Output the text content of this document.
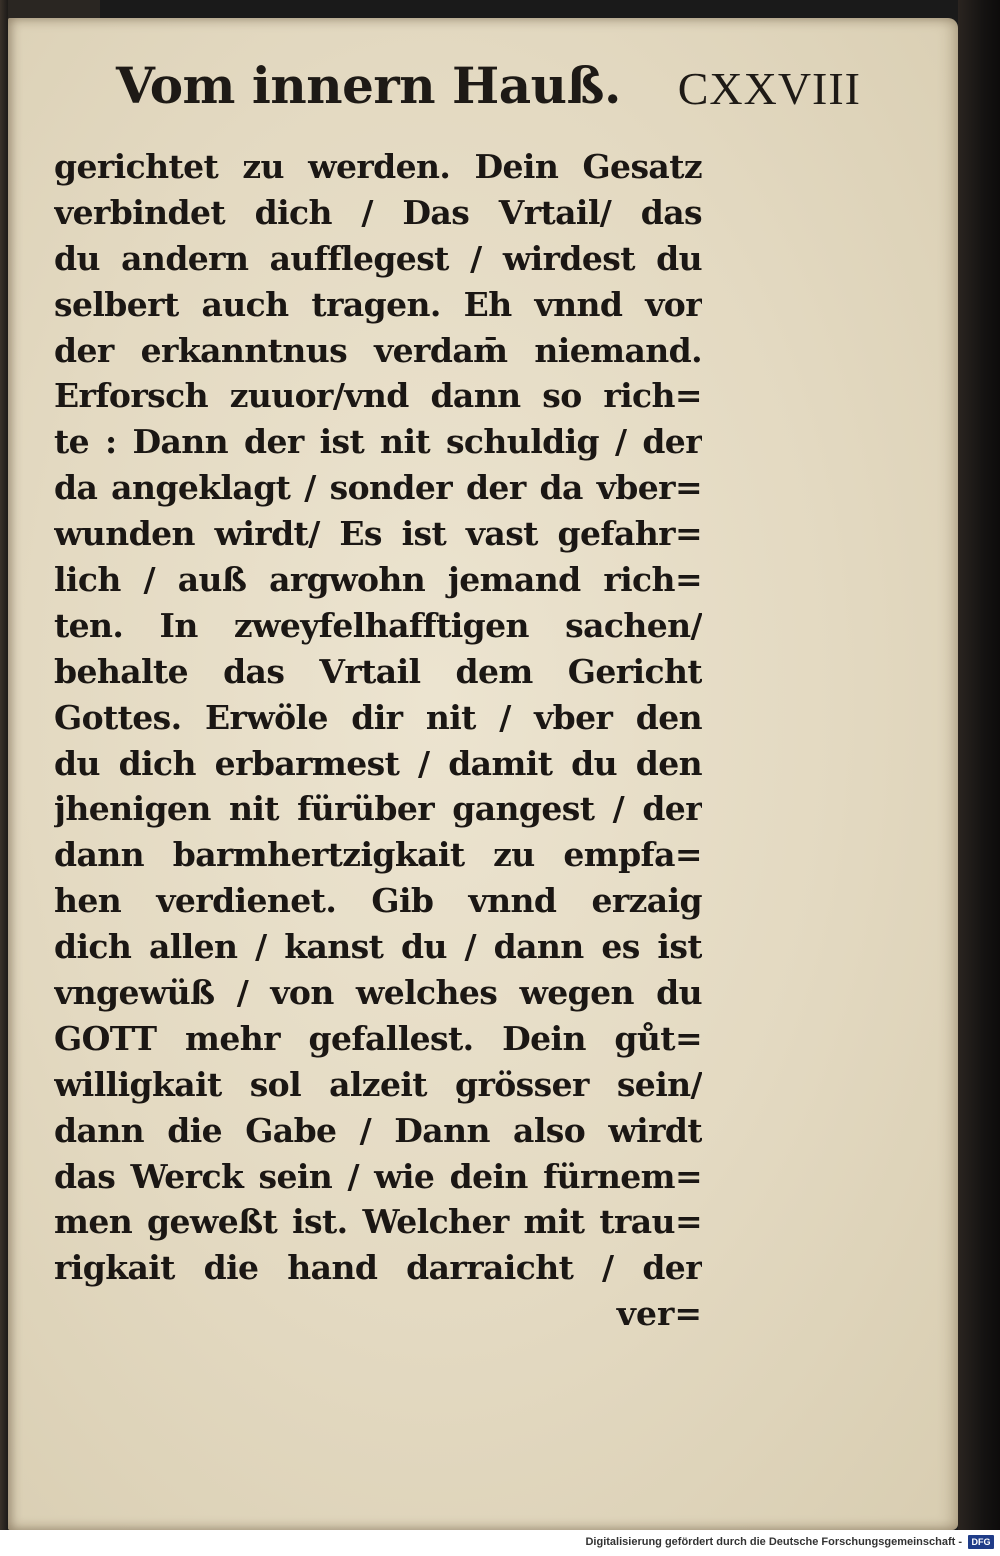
Vom innern Hauß. CXXVIII
gerichtet zu werden. Dein Gesatz
verbindet dich / Das Vrtail/ das
du andern aufflegest / wirdest du
selbert auch tragen. Eh vnnd vor
der erkanntnus verdam̄ niemand.
Erforsch zuuor/vnd dann so rich=
te : Dann der ist nit schuldig / der
da angeklagt / sonder der da vber=
wunden wirdt/ Es ist vast gefahr=
lich / auß argwohn jemand rich=
ten. In zweyfelhafftigen sachen/
behalte das Vrtail dem Gericht
Gottes. Erwöle dir nit / vber den
du dich erbarmest / damit du den
jhenigen nit fürüber gangest / der
dann barmhertzigkait zu empfa=
hen verdienet. Gib vnnd erzaig
dich allen / kanst du / dann es ist
vngewüß / von welches wegen du
GOTT mehr gefallest. Dein gůt=
willigkait sol alzeit grösser sein/
dann die Gabe / Dann also wirdt
das Werck sein / wie dein fürnem=
men geweßt ist. Welcher mit trau=
rigkait die hand darraicht / der
ver=
Digitalisierung gefördert durch die Deutsche Forschungsgemeinschaft -	DFG
